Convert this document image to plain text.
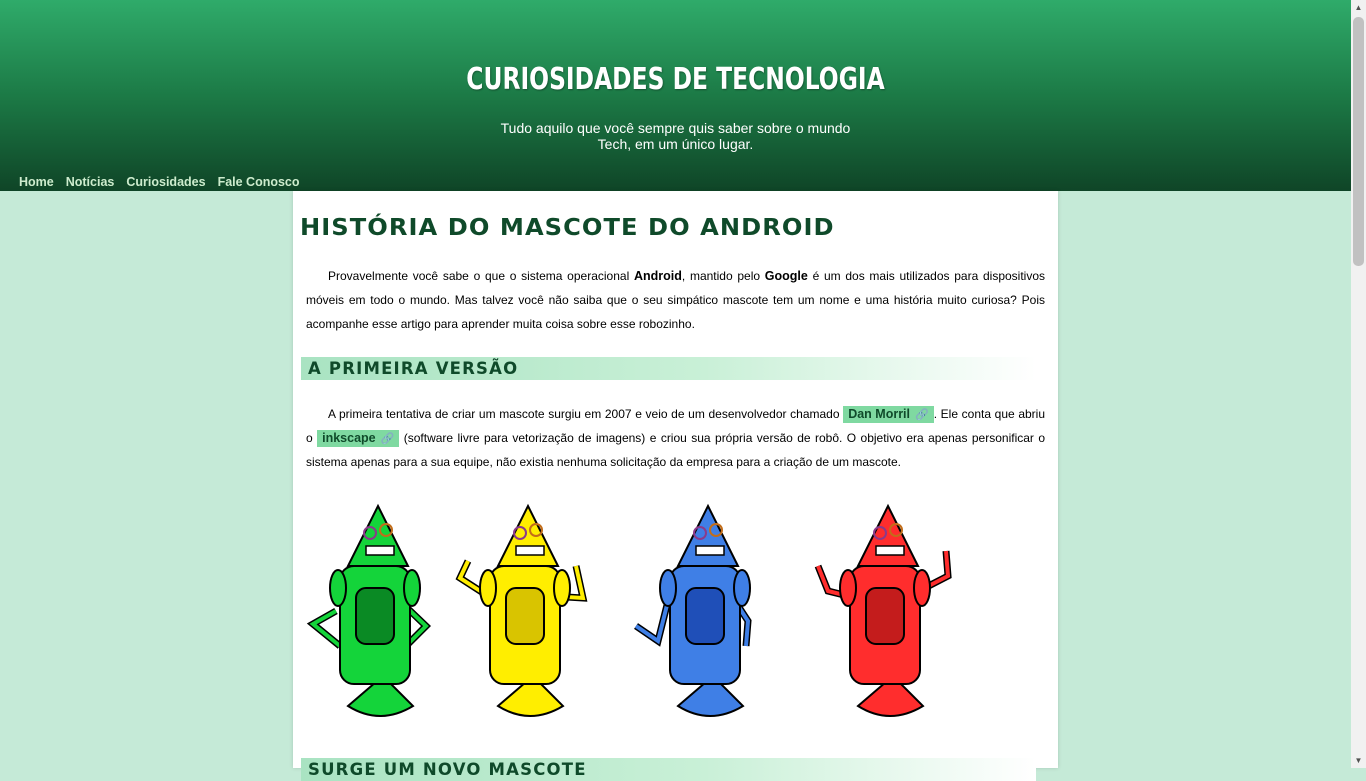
CURIOSIDADES DE TECNOLOGIA
Tudo aquilo que você sempre quis saber sobre o mundo
Tech, em um único lugar.
Home Notícias Curiosidades Fale Conosco
HISTÓRIA DO MASCOTE DO ANDROID

Provavelmente você sabe o que o sistema operacional Android, mantido pelo Google é um dos mais utilizados para dispositivos móveis em todo o mundo. Mas talvez você não saiba que o seu simpático mascote tem um nome e uma história muito curiosa? Pois acompanhe esse artigo para aprender muita coisa sobre esse robozinho.

A PRIMEIRA VERSÃO

A primeira tentativa de criar um mascote surgiu em 2007 e veio de um desenvolvedor chamado Dan Morril 🔗 . Ele conta que abriu o inkscape 🔗 (software livre para vetorização de imagens) e criou sua própria versão de robô. O objetivo era apenas personificar o sistema apenas para a sua equipe, não existia nenhuma solicitação da empresa para a criação de um mascote.

SURGE UM NOVO MASCOTE
▲
▼
